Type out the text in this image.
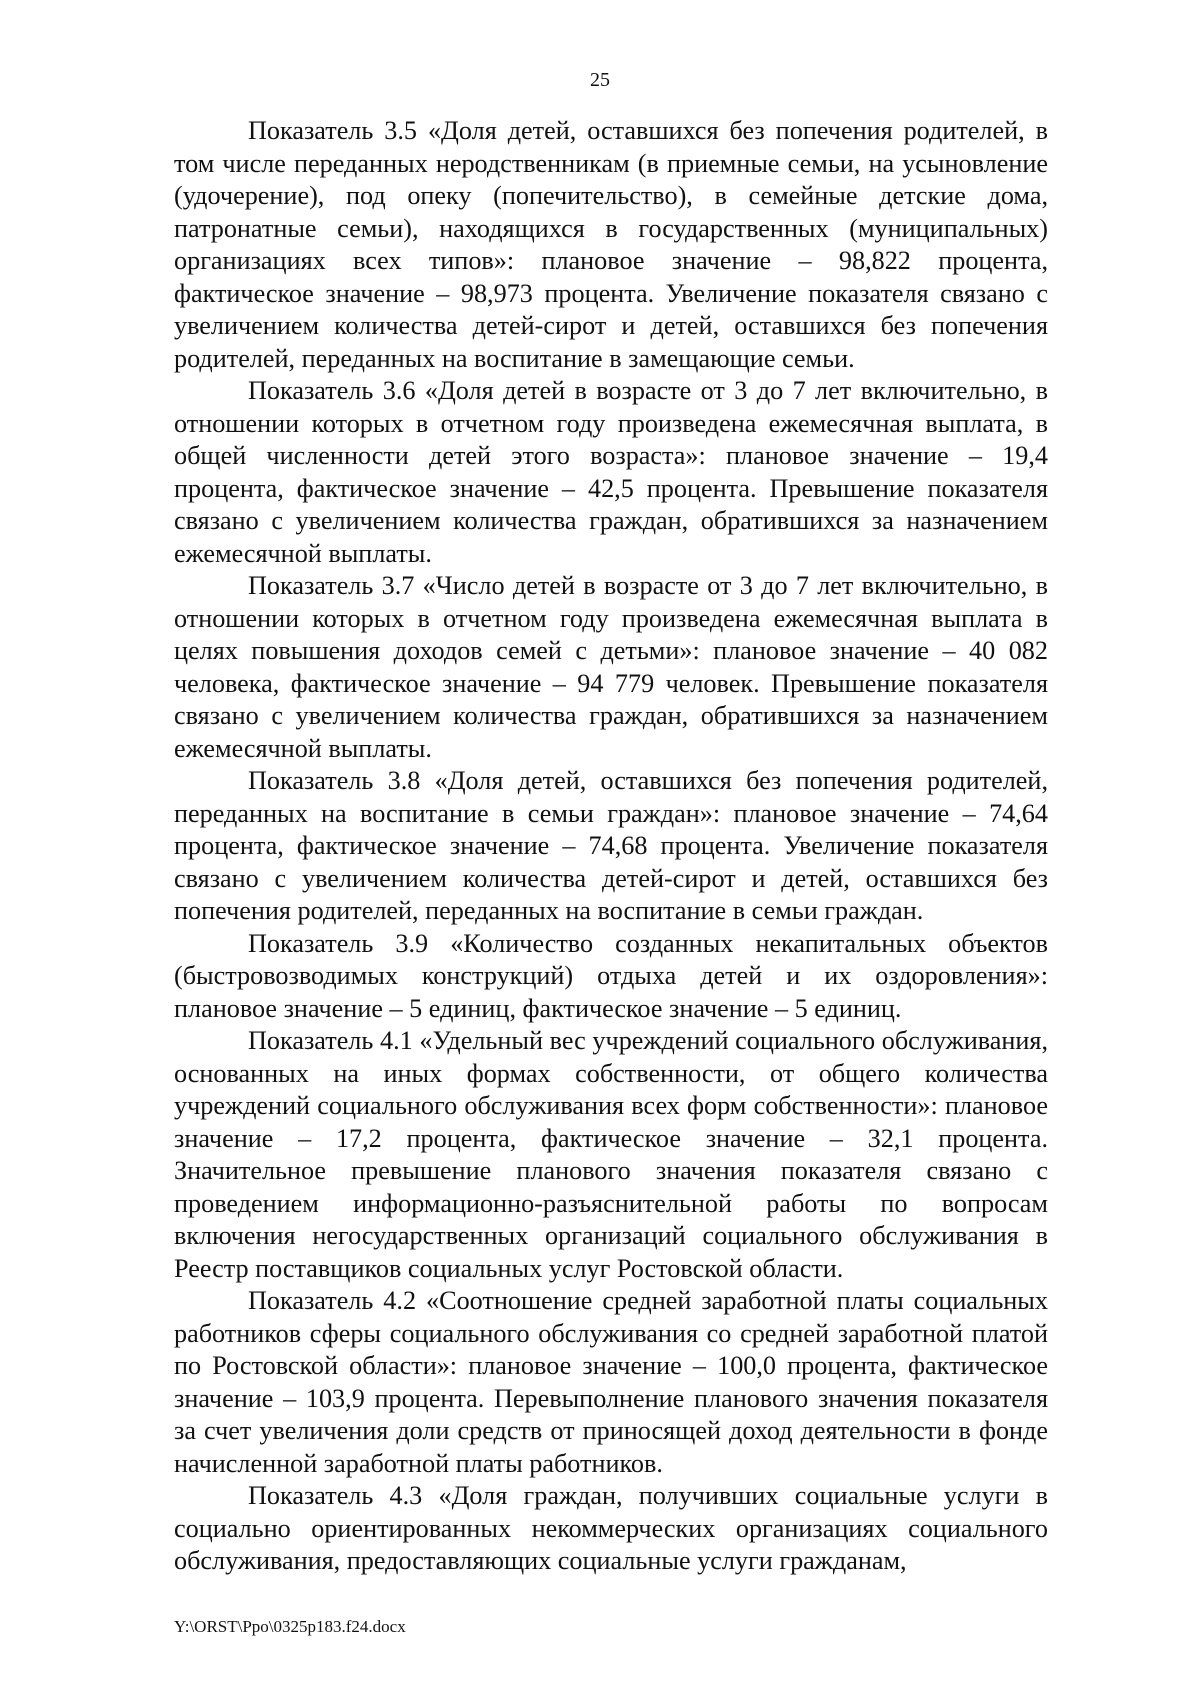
25

Показатель 3.5 «Доля детей, оставшихся без попечения родителей, в том числе переданных неродственникам (в приемные семьи, на усыновление (удочерение), под опеку (попечительство), в семейные детские дома, патронатные семьи), находящихся в государственных (муниципальных) организациях всех типов»: плановое значение – 98,822 процента, фактическое значение – 98,973 процента. Увеличение показателя связано с увеличением количества детей-сирот и детей, оставшихся без попечения родителей, переданных на воспитание в замещающие семьи.

Показатель 3.6 «Доля детей в возрасте от 3 до 7 лет включительно, в отношении которых в отчетном году произведена ежемесячная выплата, в общей численности детей этого возраста»: плановое значение – 19,4 процента, фактическое значение – 42,5 процента. Превышение показателя связано с увеличением количества граждан, обратившихся за назначением ежемесячной выплаты.

Показатель 3.7 «Число детей в возрасте от 3 до 7 лет включительно, в отношении которых в отчетном году произведена ежемесячная выплата в целях повышения доходов семей с детьми»: плановое значение – 40 082 человека, фактическое значение – 94 779 человек. Превышение показателя связано с увеличением количества граждан, обратившихся за назначением ежемесячной выплаты.

Показатель 3.8 «Доля детей, оставшихся без попечения родителей, переданных на воспитание в семьи граждан»: плановое значение – 74,64 процента, фактическое значение – 74,68 процента. Увеличение показателя связано с увеличением количества детей-сирот и детей, оставшихся без попечения родителей, переданных на воспитание в семьи граждан.

Показатель 3.9 «Количество созданных некапитальных объектов (быстровозводимых конструкций) отдыха детей и их оздоровления»: плановое значение – 5 единиц, фактическое значение – 5 единиц.

Показатель 4.1 «Удельный вес учреждений социального обслуживания, основанных на иных формах собственности, от общего количества учреждений социального обслуживания всех форм собственности»: плановое значение – 17,2 процента, фактическое значение – 32,1 процента. Значительное превышение планового значения показателя связано с проведением информационно-разъяснительной работы по вопросам включения негосударственных организаций социального обслуживания в Реестр поставщиков социальных услуг Ростовской области.

Показатель 4.2 «Соотношение средней заработной платы социальных работников сферы социального обслуживания со средней заработной платой по Ростовской области»: плановое значение – 100,0 процента, фактическое значение – 103,9 процента. Перевыполнение планового значения показателя за счет увеличения доли средств от приносящей доход деятельности в фонде начисленной заработной платы работников.

Показатель 4.3 «Доля граждан, получивших социальные услуги в социально ориентированных некоммерческих организациях социального обслуживания, предоставляющих социальные услуги гражданам,

Y:\ORST\Ppo\0325p183.f24.docx
